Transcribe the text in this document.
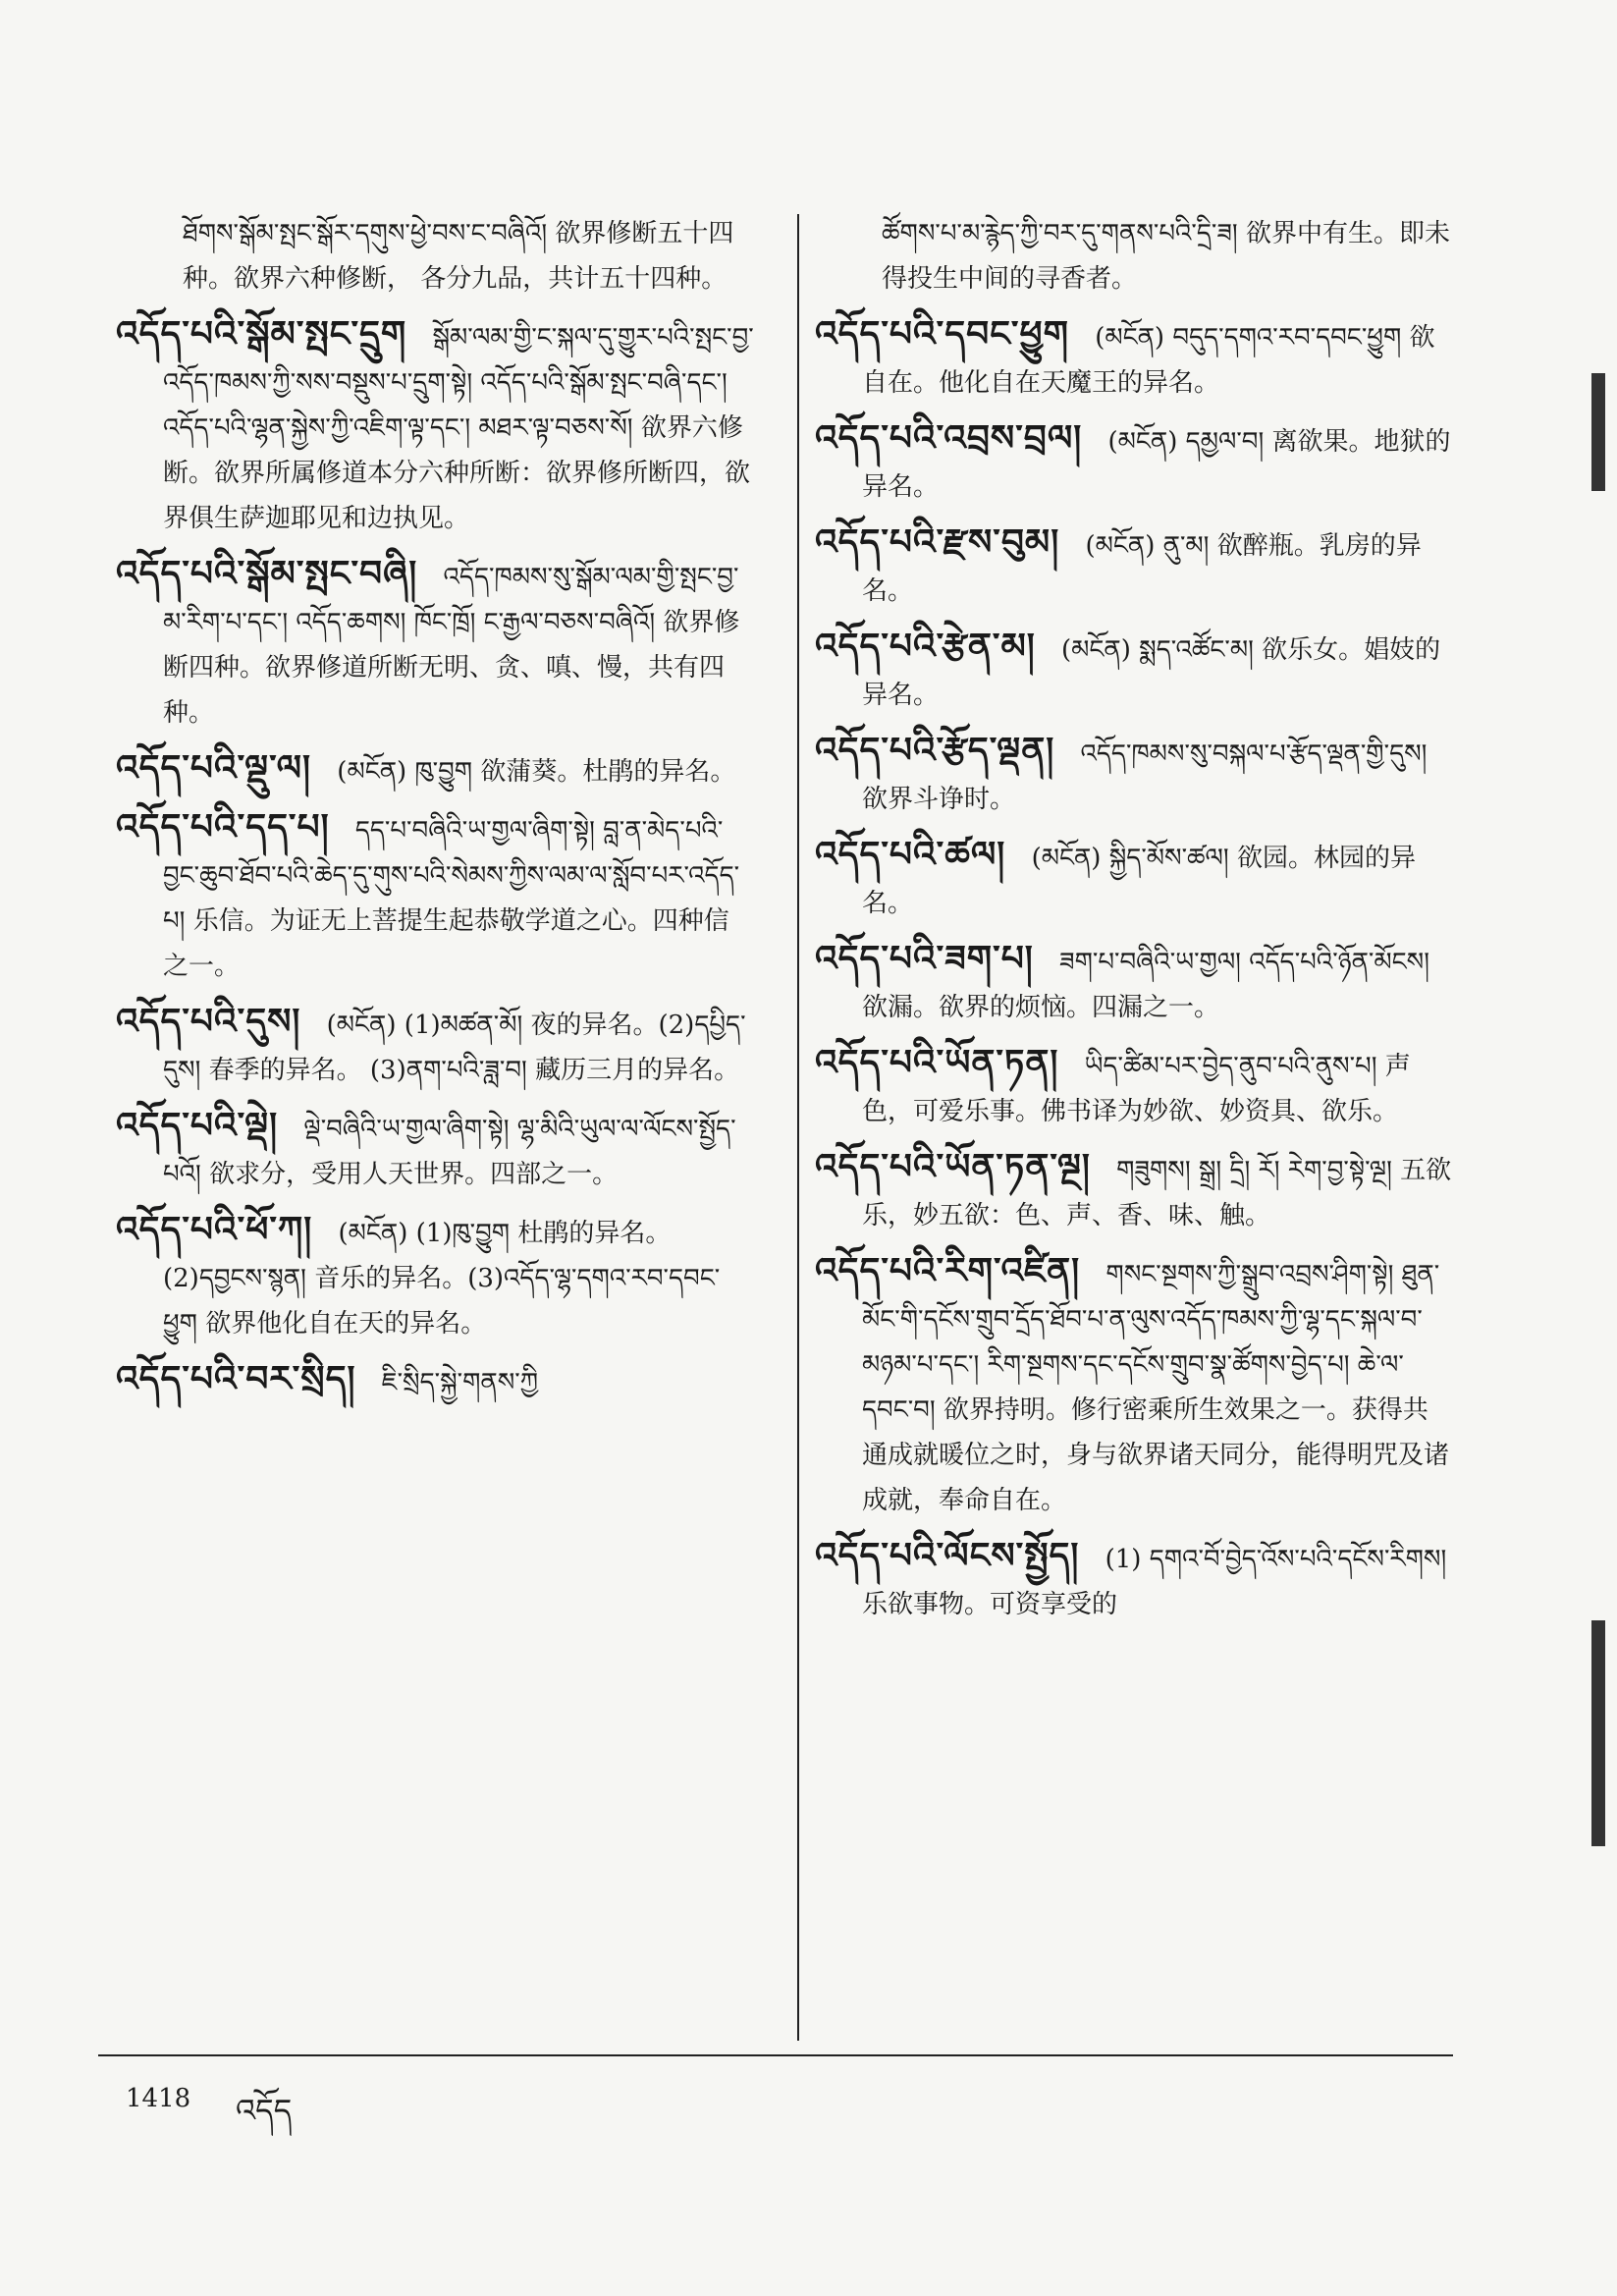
ཐོགས་སྒོམ་སྤང་སྒོར་དགུས་ཕྱེ་བས་ང་བཞིའོ། 欲界修断五十四种。欲界六种修断， 各分九品，共计五十四种。
འདོད་པའི་སྒོམ་སྤང་དྲུག སྒོམ་ལམ་གྱི་ང་སྐལ་དུ་གྱུར་པའི་སྤང་བྱ་འདོད་ཁམས་ཀྱི་སས་བསྡུས་པ་དྲུག་སྟེ། འདོད་པའི་སྒོམ་སྤང་བཞི་དང་། འདོད་པའི་ལྷན་སྐྱེས་ཀྱི་འཇིག་ལྟ་དང་། མཐར་ལྟ་བཅས་སོ། 欲界六修断。欲界所属修道本分六种所断：欲界修所断四，欲界俱生萨迦耶见和边执见。
འདོད་པའི་སྒོམ་སྤང་བཞི། འདོད་ཁམས་སུ་སྒོམ་ལམ་གྱི་སྤང་བྱ་མ་རིག་པ་དང་། འདོད་ཆགས། ཁོང་ཁྲོ། ང་རྒྱལ་བཅས་བཞིའོ། 欲界修断四种。欲界修道所断无明、贪、嗔、慢，共有四种。
འདོད་པའི་ལྡུ་ལ། (མངོན) ཁུ་བྱུག 欲蒲葵。杜鹃的异名。
འདོད་པའི་དད་པ། དད་པ་བཞིའི་ཡ་གྱལ་ཞིག་སྟེ། བླ་ན་མེད་པའི་བྱང་ཆུབ་ཐོབ་པའི་ཆེད་དུ་གུས་པའི་སེམས་ཀྱིས་ལམ་ལ་སློབ་པར་འདོད་པ། 乐信。为证无上菩提生起恭敬学道之心。四种信之一。
འདོད་པའི་དུས། (མངོན) (1)མཚན་མོ། 夜的异名。(2)དཔྱིད་དུས། 春季的异名。 (3)ནག་པའི་ཟླ་བ། 藏历三月的异名。
འདོད་པའི་ལྡེ། ལྡེ་བཞིའི་ཡ་གྱལ་ཞིག་སྟེ། ལྷ་མིའི་ཡུལ་ལ་ལོངས་སྤྱོད་པའོ། 欲求分，受用人天世界。四部之一。
འདོད་པའི་ཕོ་ཀ། (མངོན) (1)ཁུ་བྱུག 杜鹃的异名。(2)དབྱངས་སྙན། 音乐的异名。(3)འདོད་ལྷ་དགའ་རབ་དབང་ཕྱུག 欲界他化自在天的异名。
འདོད་པའི་བར་སྲིད། ཇི་སྲིད་སྐྱེ་གནས་ཀྱི
ཚོགས་པ་མ་རྙེད་ཀྱི་བར་དུ་གནས་པའི་དྲི་ཟ། 欲界中有生。即未得投生中间的寻香者。
འདོད་པའི་དབང་ཕྱུག (མངོན) བདུད་དགའ་རབ་དབང་ཕྱུག 欲自在。他化自在天魔王的异名。
འདོད་པའི་འབྲས་བྲལ། (མངོན) དམྱལ་བ། 离欲果。地狱的异名。
འདོད་པའི་རྫས་བུམ། (མངོན) ནུ་མ། 欲醉瓶。乳房的异名。
འདོད་པའི་རྩེན་མ། (མངོན) སྨད་འཚོང་མ། 欲乐女。娼妓的异名。
འདོད་པའི་རྩོད་ལྡན། འདོད་ཁམས་སུ་བསྐལ་པ་རྩོད་ལྡན་གྱི་དུས། 欲界斗诤时。
འདོད་པའི་ཚལ། (མངོན) སྐྱིད་མོས་ཚལ། 欲园。林园的异名。
འདོད་པའི་ཟག་པ། ཟག་པ་བཞིའི་ཡ་གྱལ། འདོད་པའི་ཉོན་མོངས། 欲漏。欲界的烦恼。四漏之一。
འདོད་པའི་ཡོན་ཏན། ཡིད་ཚིམ་པར་བྱེད་ནུབ་པའི་ནུས་པ། 声色，可爱乐事。佛书译为妙欲、妙资具、欲乐。
འདོད་པའི་ཡོན་ཏན་ལྔ། གཟུགས། སྒྲ། དྲི། རོ། རེག་བྱ་སྟེ་ལྔ། 五欲乐，妙五欲：色、声、香、味、触。
འདོད་པའི་རིག་འཛིན། གསང་སྔགས་ཀྱི་སྒྲུབ་འབྲས་ཤིག་སྟེ། ཐུན་མོང་གི་དངོས་གྲུབ་དྲོད་ཐོབ་པ་ན་ལུས་འདོད་ཁམས་ཀྱི་ལྷ་དང་སྐལ་བ་མཉམ་པ་དང་། རིག་སྔགས་དང་དངོས་གྲུབ་སྣ་ཚོགས་བྱེད་པ། ཆེ་ལ་དབང་བ། 欲界持明。修行密乘所生效果之一。获得共通成就暖位之时，身与欲界诸天同分，能得明咒及诸成就，奉命自在。
འདོད་པའི་ལོངས་སྤྱོད། (1) དགའ་བོ་བྱེད་འོས་པའི་དངོས་རིགས། 乐欲事物。可资享受的
1418 འདོད
